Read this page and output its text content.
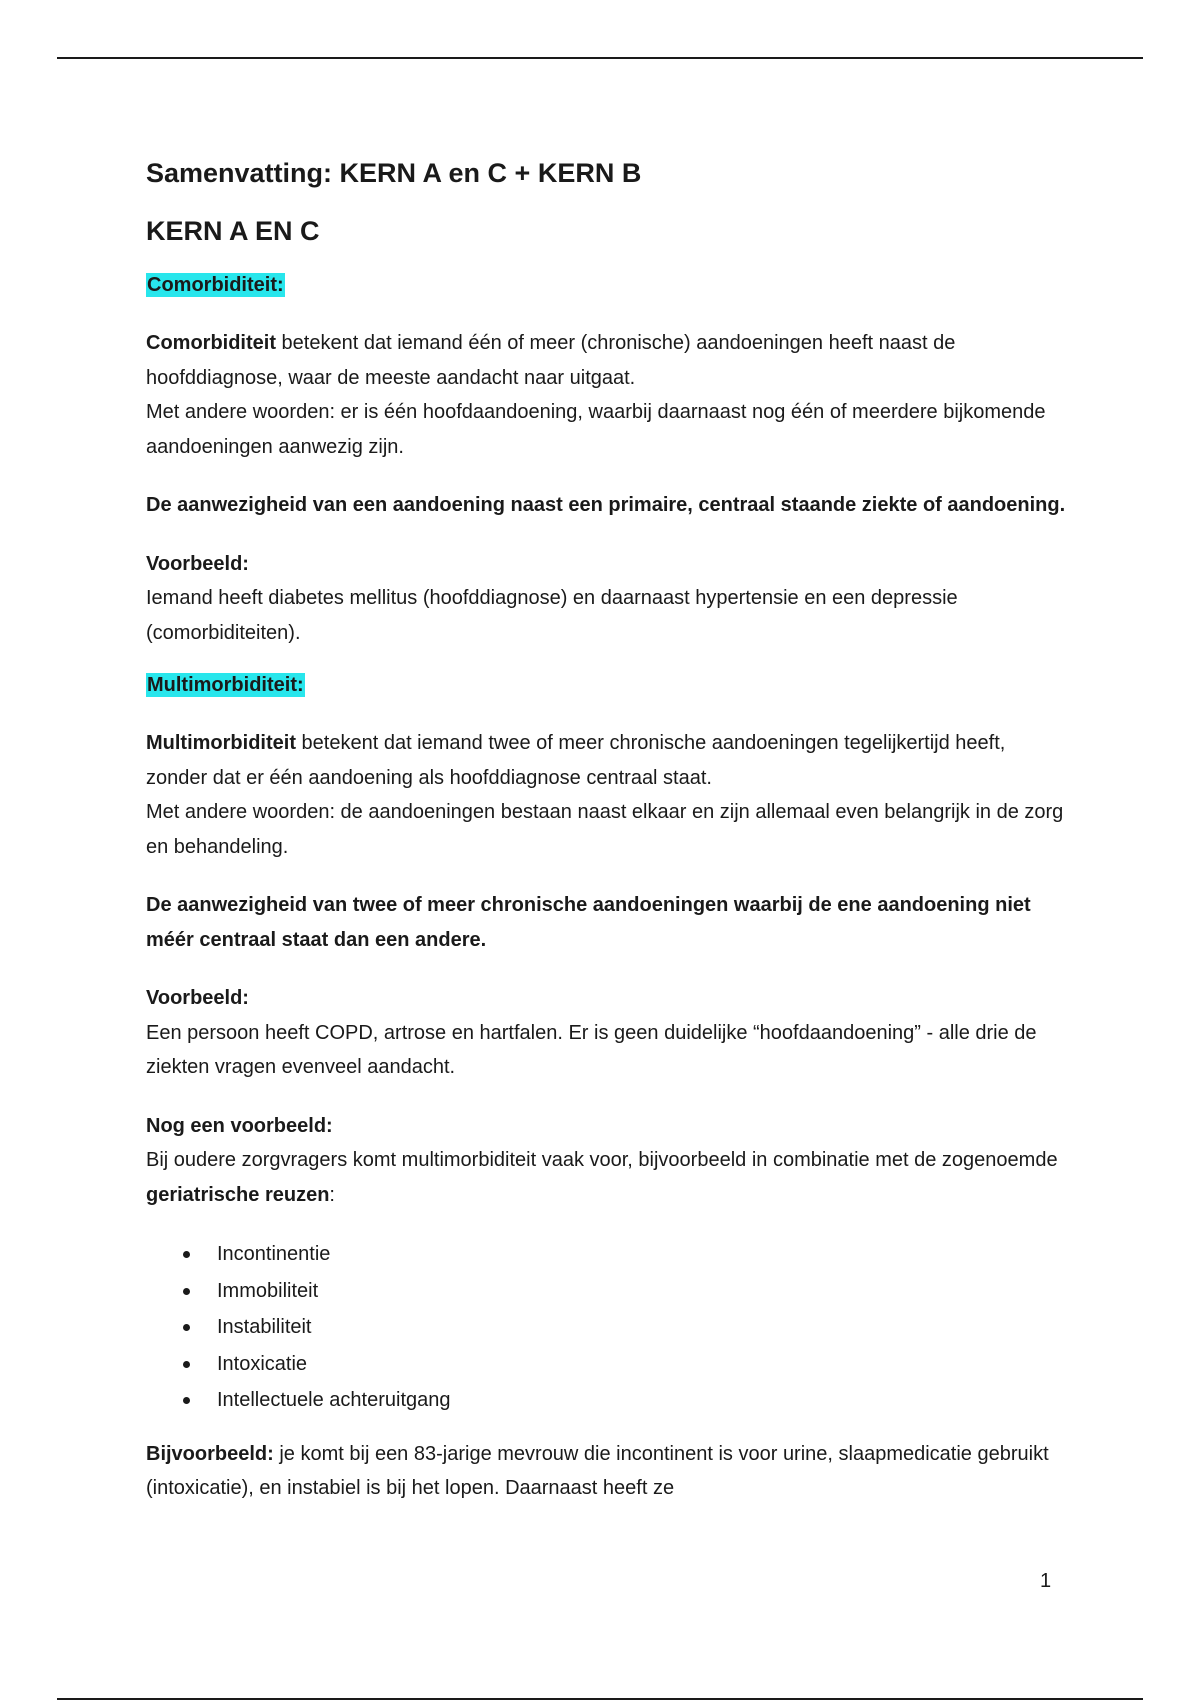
Samenvatting: KERN A en C + KERN B
KERN A EN C
Comorbiditeit:

Comorbiditeit betekent dat iemand één of meer (chronische) aandoeningen heeft naast de hoofddiagnose, waar de meeste aandacht naar uitgaat.
Met andere woorden: er is één hoofdaandoening, waarbij daarnaast nog één of meerdere bijkomende aandoeningen aanwezig zijn.

De aanwezigheid van een aandoening naast een primaire, centraal staande ziekte of aandoening.

Voorbeeld:
Iemand heeft diabetes mellitus (hoofddiagnose) en daarnaast hypertensie en een depressie (comorbiditeiten).

Multimorbiditeit:

Multimorbiditeit betekent dat iemand twee of meer chronische aandoeningen tegelijkertijd heeft, zonder dat er één aandoening als hoofddiagnose centraal staat.
Met andere woorden: de aandoeningen bestaan naast elkaar en zijn allemaal even belangrijk in de zorg en behandeling.

De aanwezigheid van twee of meer chronische aandoeningen waarbij de ene aandoening niet méér centraal staat dan een andere.

Voorbeeld:
Een persoon heeft COPD, artrose en hartfalen. Er is geen duidelijke “hoofdaandoening” - alle drie de ziekten vragen evenveel aandacht.

Nog een voorbeeld:
Bij oudere zorgvragers komt multimorbiditeit vaak voor, bijvoorbeeld in combinatie met de zogenoemde geriatrische reuzen:

Incontinentie
Immobiliteit
Instabiliteit
Intoxicatie
Intellectuele achteruitgang

Bijvoorbeeld: je komt bij een 83-jarige mevrouw die incontinent is voor urine, slaapmedicatie gebruikt (intoxicatie), en instabiel is bij het lopen. Daarnaast heeft ze

1
